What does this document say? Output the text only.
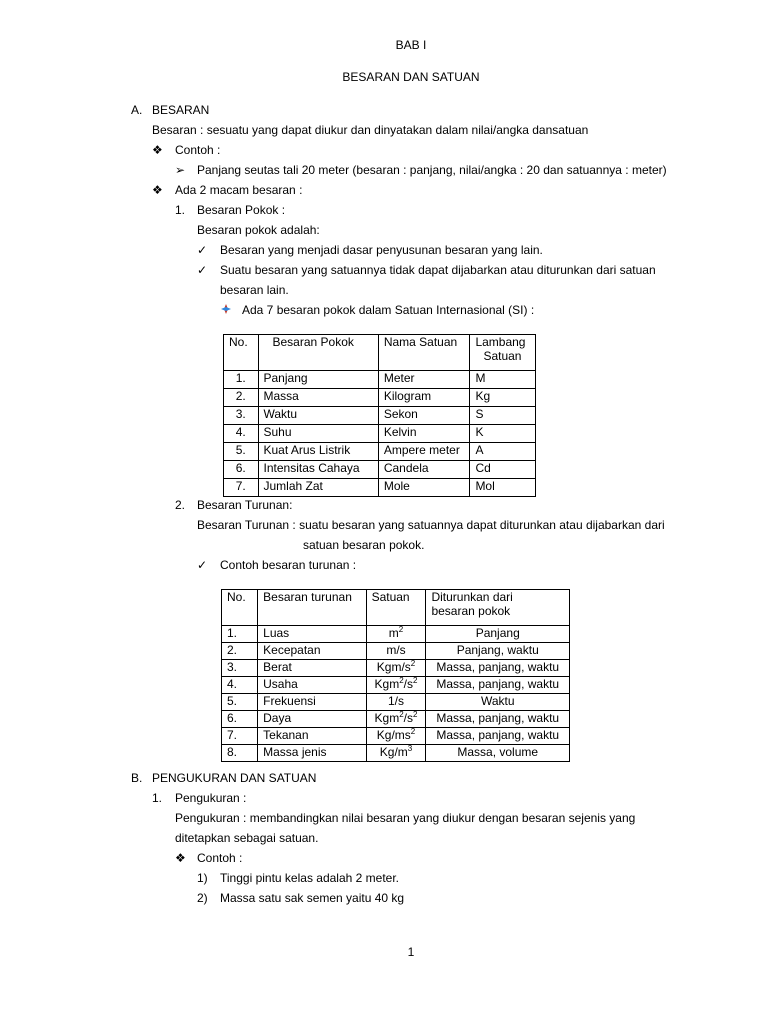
BAB I
BESARAN DAN SATUAN
A. BESARAN
Besaran : sesuatu yang dapat diukur dan dinyatakan dalam nilai/angka dansatuan
❖ Contoh :
➢ Panjang seutas tali 20 meter (besaran : panjang, nilai/angka : 20 dan satuannya : meter)
❖ Ada 2 macam besaran :
1. Besaran Pokok :
Besaran pokok adalah:
✓ Besaran yang menjadi dasar penyusunan besaran yang lain.
✓ Suatu besaran yang satuannya tidak dapat dijabarkan atau diturunkan dari satuan
besaran lain.
Ada 7 besaran pokok dalam Satuan Internasional (SI) :
No.	Besaran Pokok	Nama Satuan	Lambang
Satuan

1.	Panjang	Meter	M
2.	Massa	Kilogram	Kg
3.	Waktu	Sekon	S
4.	Suhu	Kelvin	K
5.	Kuat Arus Listrik	Ampere meter	A
6.	Intensitas Cahaya	Candela	Cd
7.	Jumlah Zat	Mole	Mol
2. Besaran Turunan:
Besaran Turunan : suatu besaran yang satuannya dapat diturunkan atau dijabarkan dari
satuan besaran pokok.
✓ Contoh besaran turunan :
No.	Besaran turunan	Satuan	Diturunkan dari
besaran pokok

1.	Luas	$m^2$	Panjang
2.	Kecepatan	m/s	Panjang, waktu
3.	Berat	Kgm/$s^2$	Massa, panjang, waktu
4.	Usaha	$Kgm^2/s^2$	Massa, panjang, waktu
5.	Frekuensi	1/s	Waktu
6.	Daya	$Kgm^2/s^2$	Massa, panjang, waktu
7.	Tekanan	$Kg/ms^2$	Massa, panjang, waktu
8.	Massa jenis	$Kg/m^3$	Massa, volume
B. PENGUKURAN DAN SATUAN
1. Pengukuran :
Pengukuran : membandingkan nilai besaran yang diukur dengan besaran sejenis yang
ditetapkan sebagai satuan.
❖ Contoh :
1) Tinggi pintu kelas adalah 2 meter.
2) Massa satu sak semen yaitu 40 kg
1
